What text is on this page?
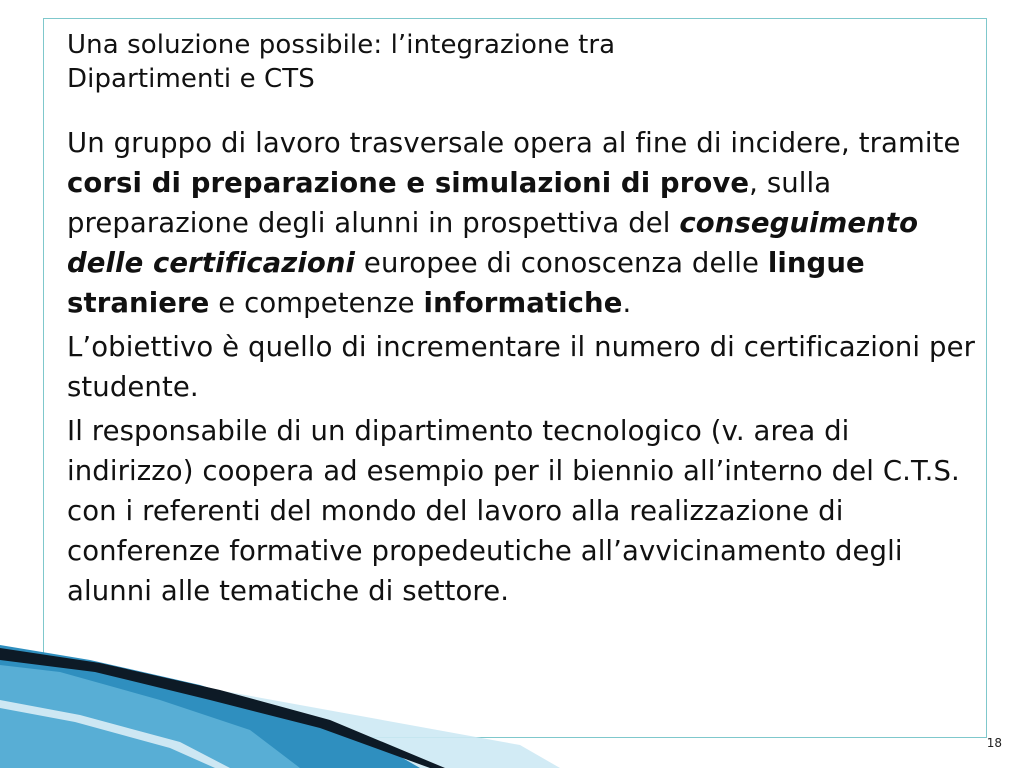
Una soluzione possibile: l’integrazione tra
Dipartimenti e CTS

Un gruppo di lavoro trasversale opera al fine di incidere, tramite corsi di preparazione e simulazioni di prove, sulla preparazione degli alunni in prospettiva del conseguimento delle certificazioni europee di conoscenza delle lingue straniere e competenze informatiche.

L’obiettivo è quello di incrementare il numero di certificazioni per studente.

Il responsabile di un dipartimento tecnologico (v. area di indirizzo) coopera ad esempio per il biennio all’interno del C.T.S. con i referenti del mondo del lavoro alla realizzazione di conferenze formative propedeutiche all’avvicinamento degli alunni alle tematiche di settore.

18
